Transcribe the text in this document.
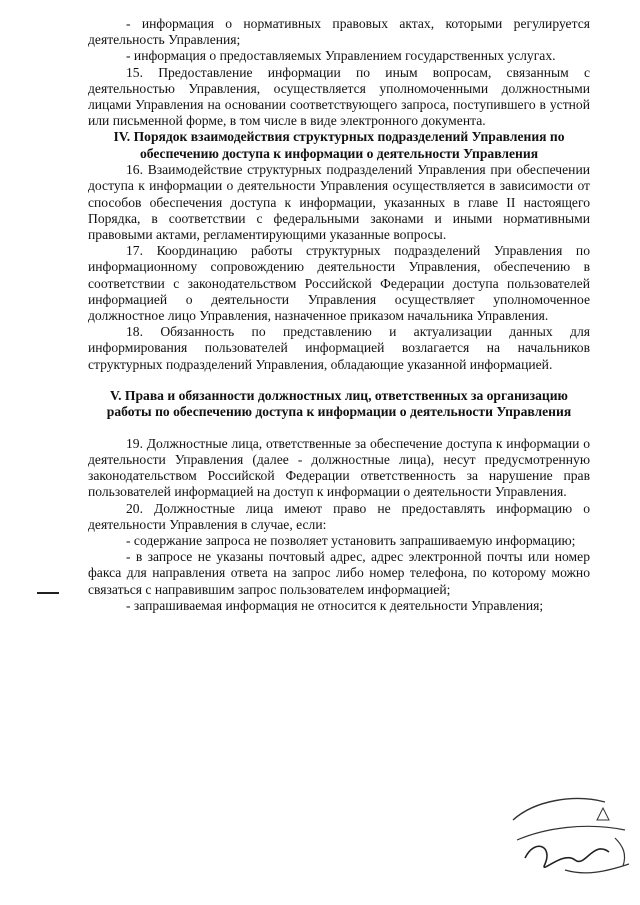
- информация о нормативных правовых актах, которыми регулируется деятельность Управления;

- информация о предоставляемых Управлением государственных услугах.

15. Предоставление информации по иным вопросам, связанным с деятельностью Управления, осуществляется уполномоченными должностными лицами Управления на основании соответствующего запроса, поступившего в устной или письменной форме, в том числе в виде электронного документа.

IV. Порядок взаимодействия структурных подразделений Управления по обеспечению доступа к информации о деятельности Управления

16. Взаимодействие структурных подразделений Управления при обеспечении доступа к информации о деятельности Управления осуществляется в зависимости от способов обеспечения доступа к информации, указанных в главе II настоящего Порядка, в соответствии с федеральными законами и иными нормативными правовыми актами, регламентирующими указанные вопросы.

17. Координацию работы структурных подразделений Управления по информационному сопровождению деятельности Управления, обеспечению в соответствии с законодательством Российской Федерации доступа пользователей информацией о деятельности Управления осуществляет уполномоченное должностное лицо Управления, назначенное приказом начальника Управления.

18. Обязанность по представлению и актуализации данных для информирования пользователей информацией возлагается на начальников структурных подразделений Управления, обладающие указанной информацией.

V. Права и обязанности должностных лиц, ответственных за организацию работы по обеспечению доступа к информации о деятельности Управления

19. Должностные лица, ответственные за обеспечение доступа к информации о деятельности Управления (далее - должностные лица), несут предусмотренную законодательством Российской Федерации ответственность за нарушение прав пользователей информацией на доступ к информации о деятельности Управления.

20. Должностные лица имеют право не предоставлять информацию о деятельности Управления в случае, если:

- содержание запроса не позволяет установить запрашиваемую информацию;

- в запросе не указаны почтовый адрес, адрес электронной почты или номер факса для направления ответа на запрос либо номер телефона, по которому можно связаться с направившим запрос пользователем информацией;

- запрашиваемая информация не относится к деятельности Управления;
